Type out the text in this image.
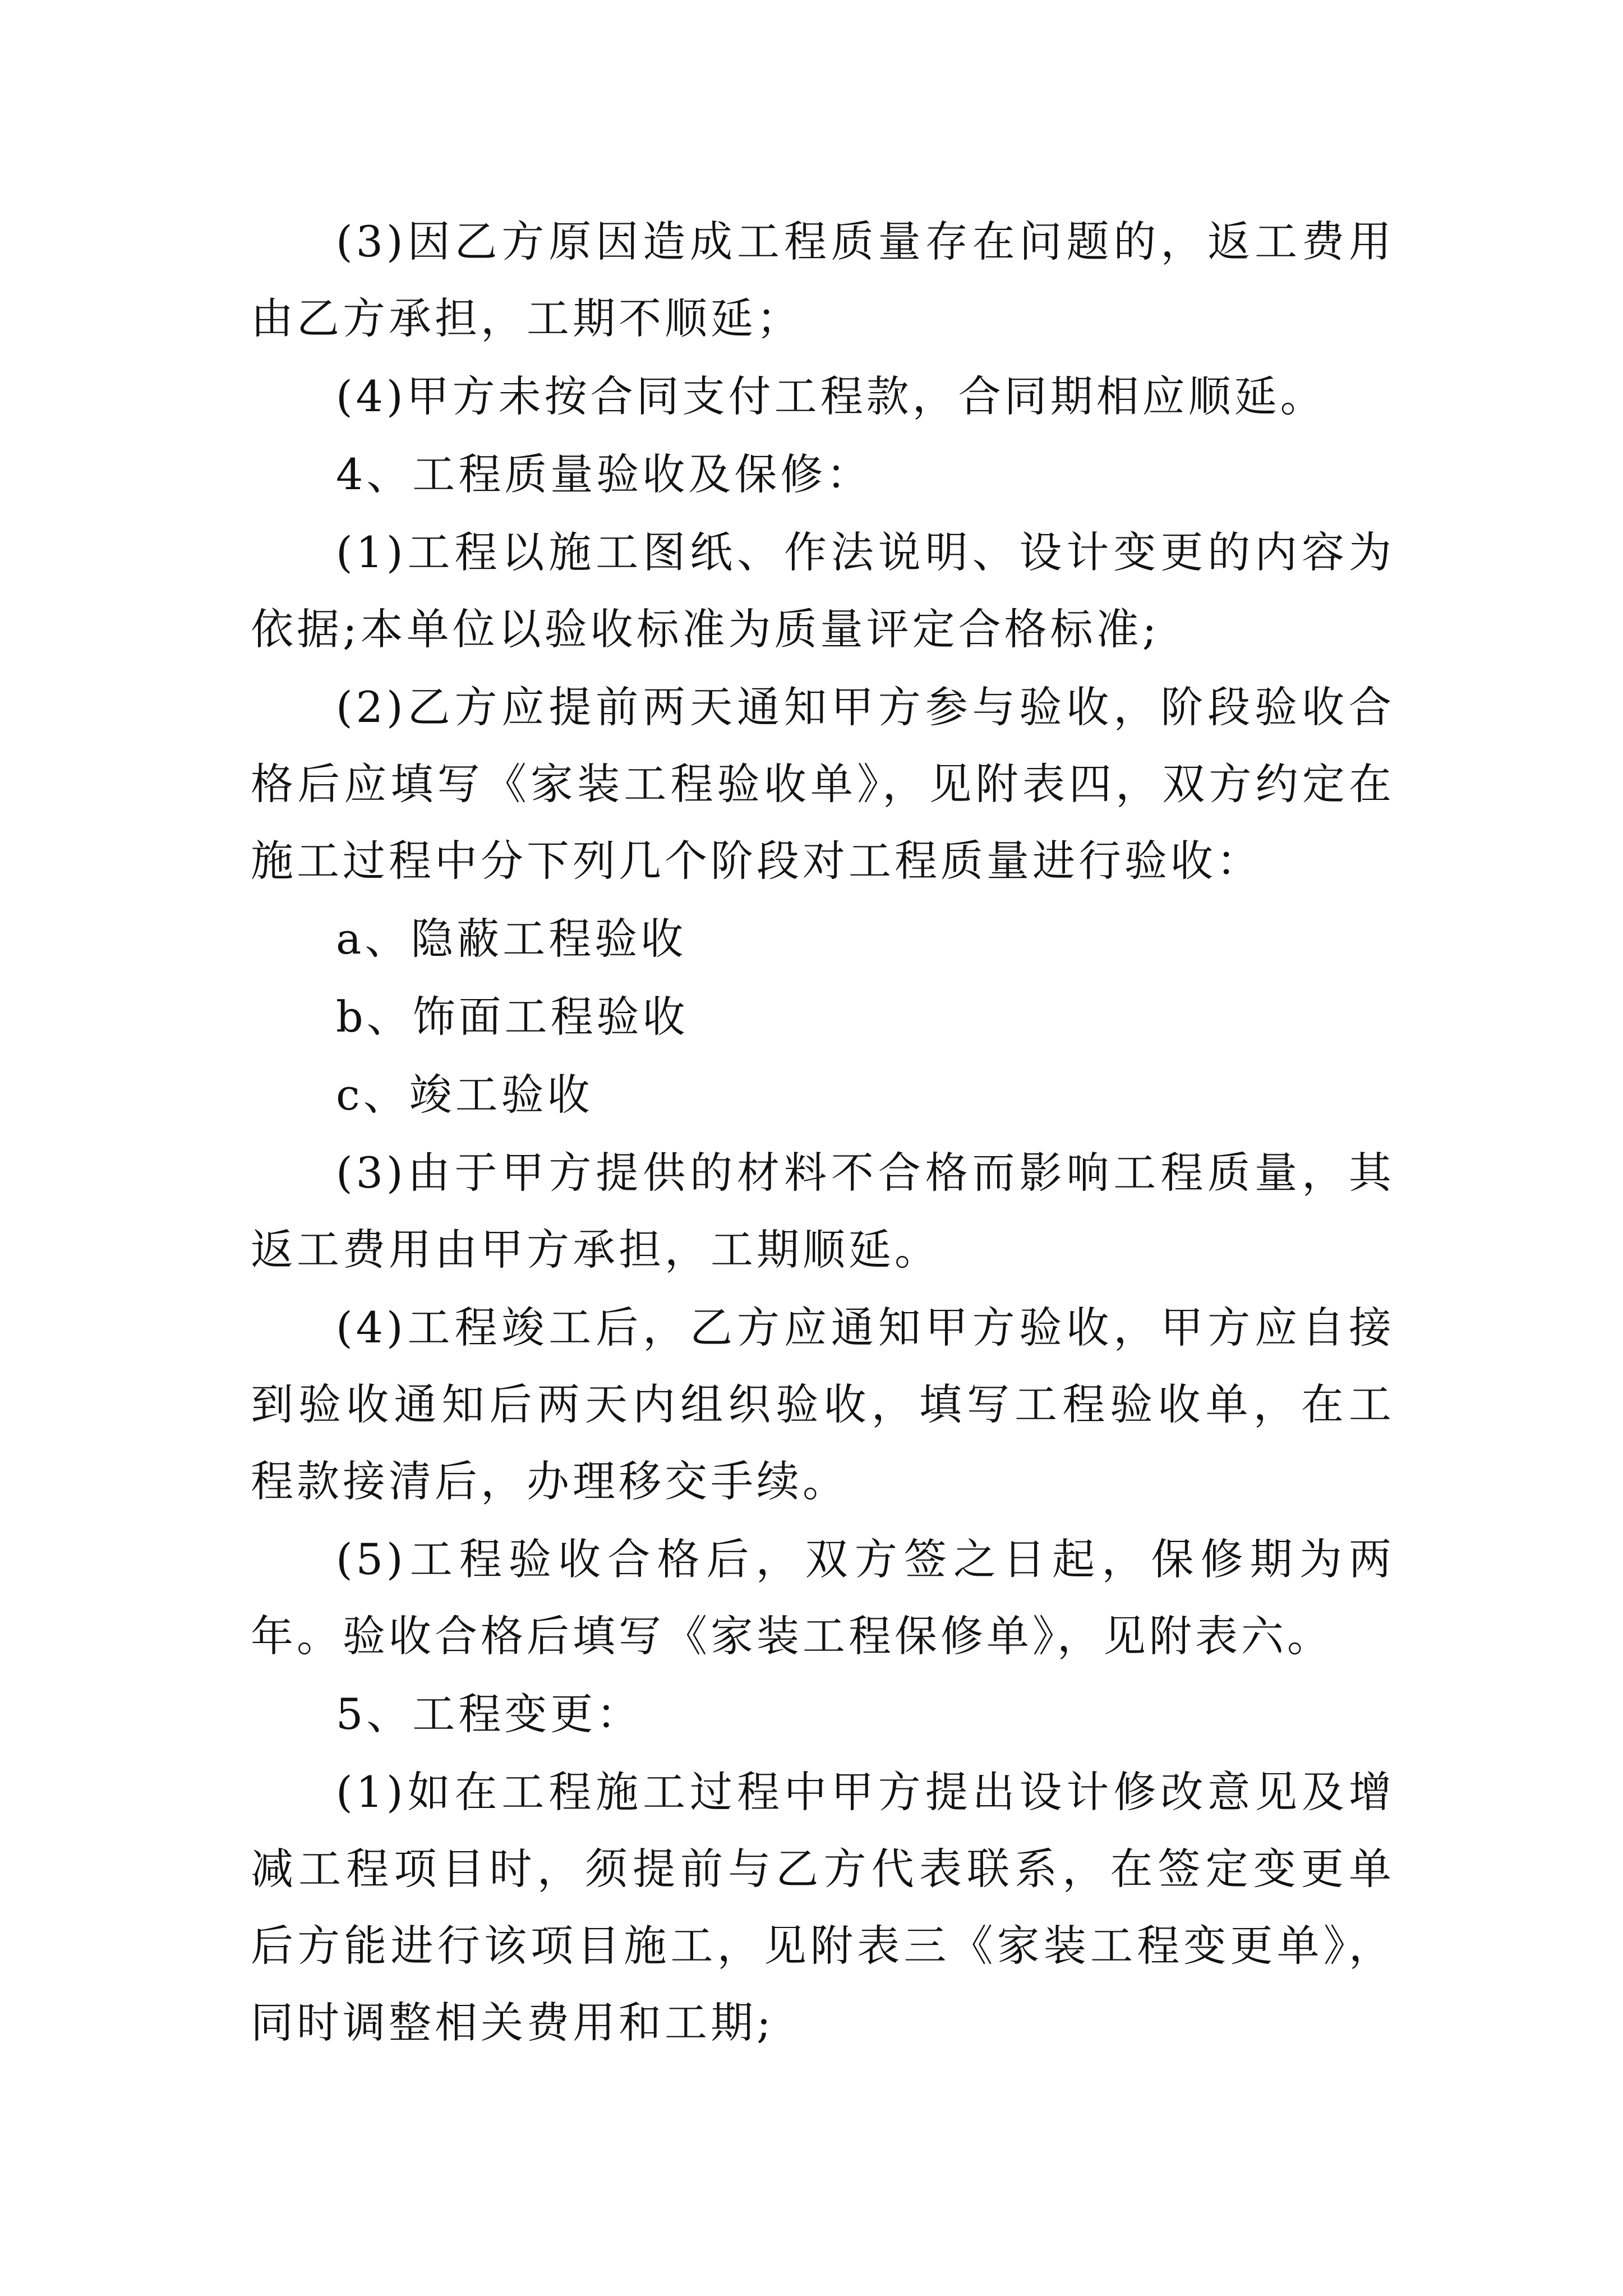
(3)因乙方原因造成工程质量存在问题的，返工费用由乙方承担，工期不顺延；

(4)甲方未按合同支付工程款，合同期相应顺延。

4、工程质量验收及保修：

(1)工程以施工图纸、作法说明、设计变更的内容为依据;本单位以验收标准为质量评定合格标准;

(2)乙方应提前两天通知甲方参与验收，阶段验收合格后应填写《家装工程验收单》，见附表四，双方约定在施工过程中分下列几个阶段对工程质量进行验收：

a、隐蔽工程验收

b、饰面工程验收

c、竣工验收

(3)由于甲方提供的材料不合格而影响工程质量，其返工费用由甲方承担，工期顺延。

(4)工程竣工后，乙方应通知甲方验收，甲方应自接到验收通知后两天内组织验收，填写工程验收单，在工程款接清后，办理移交手续。

(5)工程验收合格后，双方签之日起，保修期为两年。验收合格后填写《家装工程保修单》，见附表六。

5、工程变更：

(1)如在工程施工过程中甲方提出设计修改意见及增减工程项目时，须提前与乙方代表联系，在签定变更单后方能进行该项目施工，见附表三《家装工程变更单》，同时调整相关费用和工期;
